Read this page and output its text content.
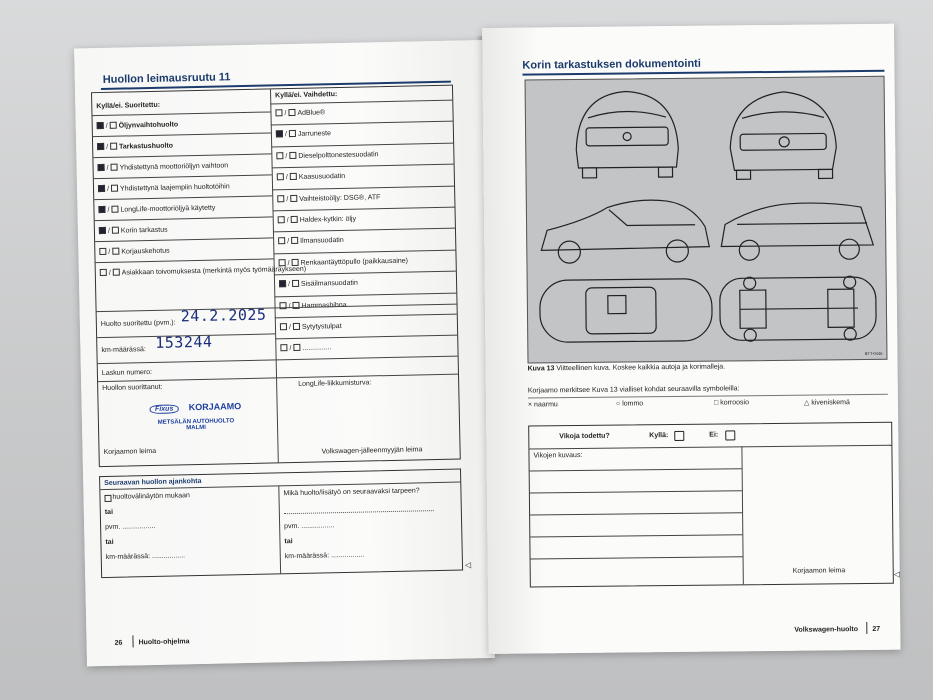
Huollon leimausruutu 11
Kyllä/ei. Suoritettu:
Kyllä/ei. Vaihdettu:
/ Öljynvaihtohuolto
/ Tarkastushuolto
/ Yhdistettynä moottoriöljyn vaihtoon
/ Yhdistettynä laajempiin huoltotöihin
/ LongLife-moottoriöljyä käytetty
/ Korin tarkastus
/ Korjauskehotus
/ Asiakkaan toivomuksesta (merkintä myös työmääräykseen)
/ AdBlue®
/ Jarruneste
/ Dieselpolttonestesuodatin
/ Kaasusuodatin
/ Vaihteistoöljy: DSG®, ATF
/ Haldex-kytkin: öljy
/ Ilmansuodatin
/ Renkaantäyttöpullo (paikkausaine)
/ Sisäilmansuodatin
/ Hammashihna
/ Sytytystulpat
/ ...............
Huolto suoritettu (pvm.): 24.2.2025
km-määrässä: 153244
Laskun numero:
Huollon suorittanut:	LongLife-liikkumisturva:
Fixus KORJAAMO
METSÄLÄN AUTOHUOLTO
MALMI
Korjaamon leima	Volkswagen-jälleenmyyjän leima
Seuraavan huollon ajankohta
huoltovälinäytön mukaan
tai
pvm. .................
tai
km-määrässä: .................
Mikä huolto/lisätyö on seuraavaksi tarpeen?
pvm. .................
tai
km-määrässä: .................
◁
26 Huolto-ohjelma
Korin tarkastuksen dokumentointi
BTT-0446
Kuva 13 Viitteellinen kuva. Koskee kaikkia autoja ja korimalleja.
Korjaamo merkitsee Kuva 13 vialliset kohdat seuraavilla symboleilla:
× naarmu	○ lommo	□ korroosio	△ kiveniskemä
Vikoja todettu?	Kyllä:	Ei:
Vikojen kuvaus:
Korjaamon leima	◁
Volkswagen-huolto 27
